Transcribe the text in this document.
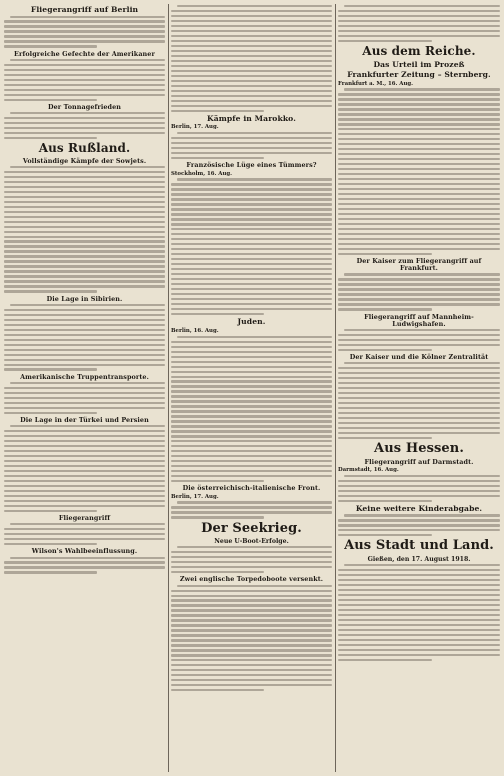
Fliegerangriff auf Berlin
Erfolgreiche Gefechte der Amerikaner
Der Tonnagefrieden
Aus Rußland.
Vollständige Kämpfe der Sowjets.
Die Lage in Sibirien.
Amerikanische Truppentransporte.
Die Lage in der Türkei und Persien
Fliegerangriff
Wilson's Wahlbeeinflussung.
Kämpfe in Marokko.
Berlin, 17. Aug.
Französische Lüge eines Tümmers?
Stockholm, 16. Aug.
Juden.
Berlin, 16. Aug.
Die österreichisch-italienische Front.
Berlin, 17. Aug.
Der Seekrieg.
Neue U-Boot-Erfolge.
Zwei englische Torpedoboote versenkt.
Aus dem Reiche.
Das Urteil im Prozeß
Frankfurter Zeitung – Sternberg.
Frankfurt a. M., 16. Aug.
Der Kaiser zum Fliegerangriff auf Frankfurt.
Fliegerangriff auf Mannheim-Ludwigshafen.
Der Kaiser und die Kölner Zentralität
Aus Hessen.
Fliegerangriff auf Darmstadt.
Darmstadt, 16. Aug.
Keine weitere Kinderabgabe.
Aus Stadt und Land.
Gießen, den 17. August 1918.
